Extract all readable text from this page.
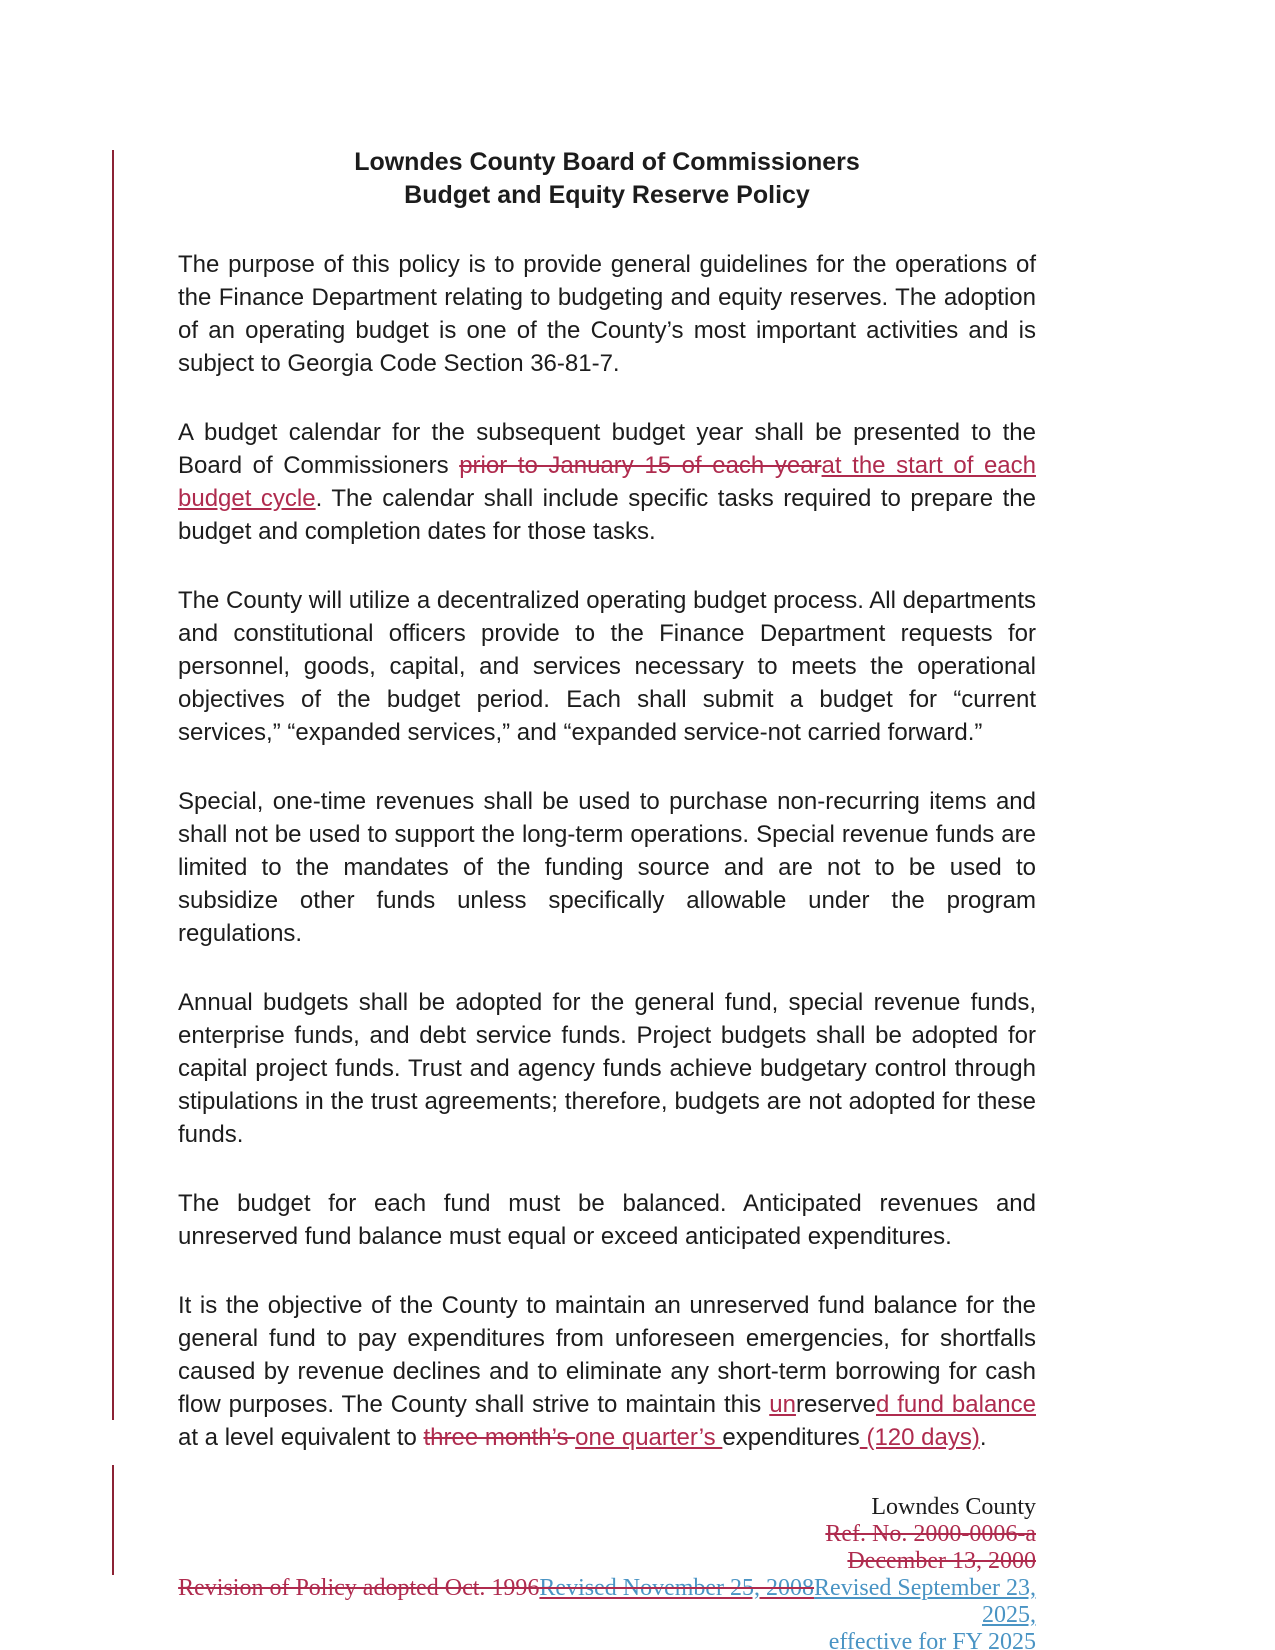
Lowndes County Board of Commissioners
Budget and Equity Reserve Policy
The purpose of this policy is to provide general guidelines for the operations of the Finance Department relating to budgeting and equity reserves. The adoption of an operating budget is one of the County’s most important activities and is subject to Georgia Code Section 36-81-7.
A budget calendar for the subsequent budget year shall be presented to the Board of Commissioners prior to January 15 of each yearat the start of each budget cycle. The calendar shall include specific tasks required to prepare the budget and completion dates for those tasks.
The County will utilize a decentralized operating budget process. All departments and constitutional officers provide to the Finance Department requests for personnel, goods, capital, and services necessary to meets the operational objectives of the budget period. Each shall submit a budget for “current services,” “expanded services,” and “expanded service-not carried forward.”
Special, one-time revenues shall be used to purchase non-recurring items and shall not be used to support the long-term operations. Special revenue funds are limited to the mandates of the funding source and are not to be used to subsidize other funds unless specifically allowable under the program regulations.
Annual budgets shall be adopted for the general fund, special revenue funds, enterprise funds, and debt service funds. Project budgets shall be adopted for capital project funds. Trust and agency funds achieve budgetary control through stipulations in the trust agreements; therefore, budgets are not adopted for these funds.
The budget for each fund must be balanced. Anticipated revenues and unreserved fund balance must equal or exceed anticipated expenditures.
It is the objective of the County to maintain an unreserved fund balance for the general fund to pay expenditures from unforeseen emergencies, for shortfalls caused by revenue declines and to eliminate any short-term borrowing for cash flow purposes. The County shall strive to maintain this unreserved fund balance at a level equivalent to three month’s one quarter’s expenditures (120 days).
Lowndes County
Ref. No. 2000-0006-a
December 13, 2000
Revision of Policy adopted Oct. 1996Revised November 25, 2008Revised September 23, 2025,
effective for FY 2025
